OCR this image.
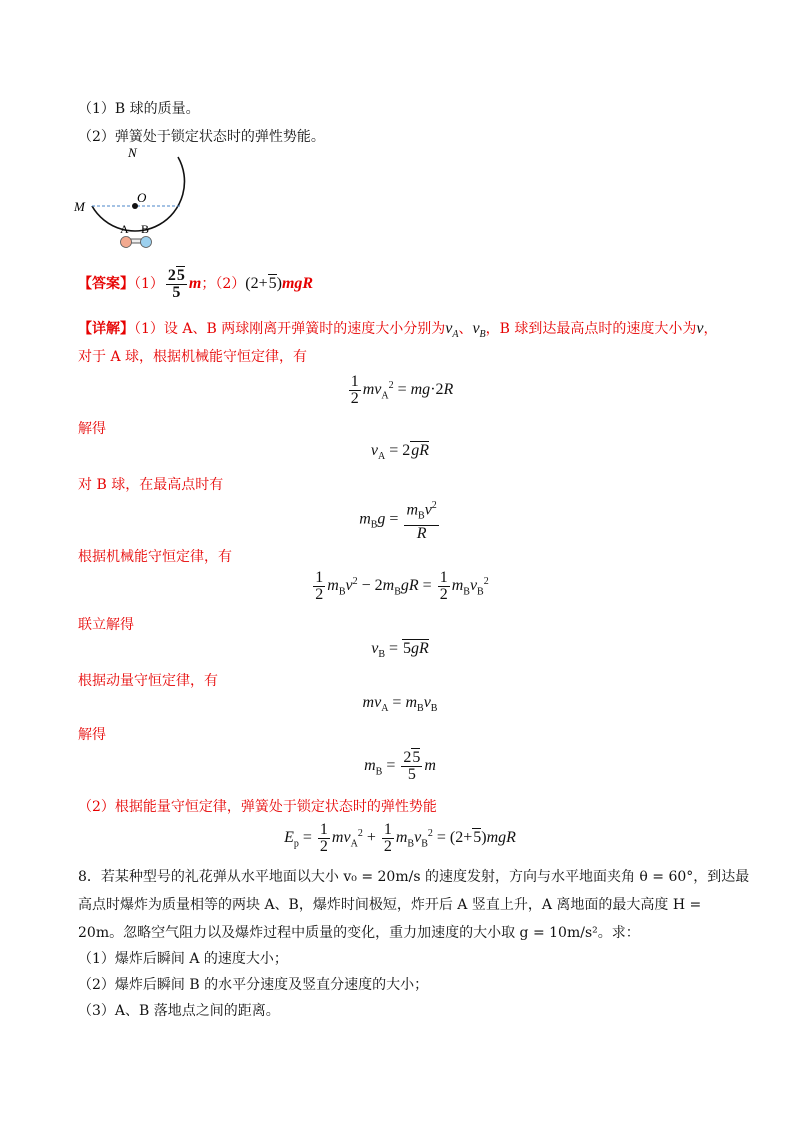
（1）B 球的质量。
（2）弹簧处于锁定状态时的弹性势能。
N
O
M
A B
【答案】$(1) \frac{25}{5}$ m；（2）(2+5)mgR
【详解】（1）设 A、B 两球刚离开弹簧时的速度大小分别为$v_A$、$v_B$，B 球到达最高点时的速度大小为v，
对于 A 球，根据机械能守恒定律，有
$\frac{1}{2} mv_A^2 = mg\cdot 2R$
解得
$v_A = 2gR$
对 B 球，在最高点时有
$m_Bg = \frac{m_Bv^2}{R}$
根据机械能守恒定律，有
$\frac{1}{2} m_Bv^2 - 2m_BgR = \frac{1}{2} m_Bv_B^2$
联立解得
$v_B = 5gR$
根据动量守恒定律，有
$mv_A = m_Bv_B$
解得
$m_B = \frac{25}{5}$ m
（2）根据能量守恒定律，弹簧处于锁定状态时的弹性势能
$E_p = \frac{1}{2} mv_A^2 + \frac{1}{2} m_Bv_B^2 = (2+5)mgR$
8．若某种型号的礼花弹从水平地面以大小 v₀ = 20m/s 的速度发射，方向与水平地面夹角 θ = 60°，到达最
高点时爆炸为质量相等的两块 A、B，爆炸时间极短，炸开后 A 竖直上升，A 离地面的最大高度 H =
20m。忽略空气阻力以及爆炸过程中质量的变化，重力加速度的大小取 g = 10m/s²。求：
（1）爆炸后瞬间 A 的速度大小；
（2）爆炸后瞬间 B 的水平分速度及竖直分速度的大小；
（3）A、B 落地点之间的距离。
